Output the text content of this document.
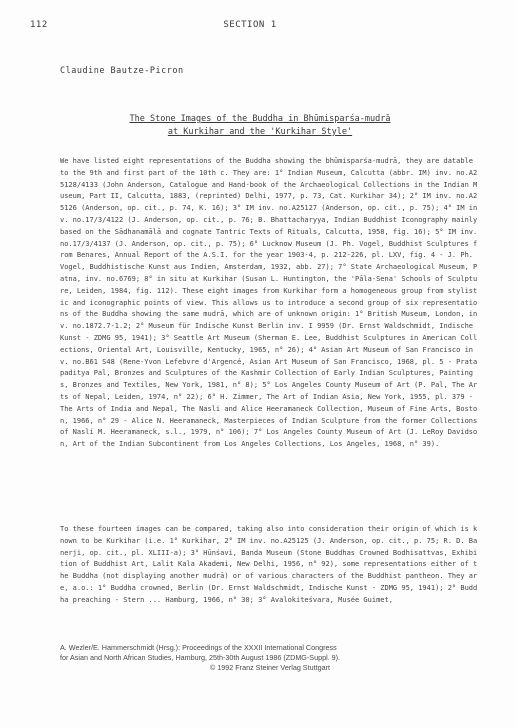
112	SECTION 1
Claudine Bautze-Picron
The Stone Images of the Buddha in Bhūmisparśa-mudrā
at Kurkihar and the 'Kurkihar Style'
We have listed eight representations of the Buddha showing the bhūmisparśa-mudrā, they are datable to the 9th and first part of the 10th c. They are: 1° Indian Museum, Calcutta (abbr. IM) inv. no.A25128/4133 (John Anderson, Catalogue and Hand-book of the Archaeological Collections in the Indian Museum, Part II, Calcutta, 1883, (reprinted) Delhi, 1977, p. 73, Cat. Kurkihar 34); 2° IM inv. no.A25126 (Anderson, op. cit., p. 74, K. 16); 3° IM inv. no.A25127 (Anderson, op. cit., p. 75); 4° IM inv. no.17/3/4122 (J. Anderson, op. cit., p. 76; B. Bhattacharyya, Indian Buddhist Iconography mainly based on the Sādhanamālā and cognate Tantric Texts of Rituals, Calcutta, 1958, fig. 16); 5° IM inv. no.17/3/4137 (J. Anderson, op. cit., p. 75); 6° Lucknow Museum (J. Ph. Vogel, Buddhist Sculptures from Benares, Annual Report of the A.S.I. for the year 1903-4, p. 212-226, pl. LXV, fig. 4 - J. Ph. Vogel, Buddhistische Kunst aus Indien, Amsterdam, 1932, abb. 27); 7° State Archaeological Museum, Patna, inv. no.6769; 8° in situ at Kurkihar (Susan L. Huntington, the 'Pāla-Sena' Schools of Sculpture, Leiden, 1984, fig. 112). These eight images from Kurkihar form a homogeneous group from stylistic and iconographic points of view. This allows us to introduce a second group of six representations of the Buddha showing the same mudrā, which are of unknown origin: 1° British Museum, London, inv. no.1872.7-1.2; 2° Museum für Indische Kunst Berlin inv. I 9959 (Dr. Ernst Waldschmidt, Indische Kunst - ZDMG 95, 1941); 3° Seattle Art Museum (Sherman E. Lee, Buddhist Sculptures in American Collections, Oriental Art, Louisville, Kentucky, 1965, n° 26); 4° Asian Art Museum of San Francisco inv. no.B61 S48 (Rene-Yvon Lefebvre d'Argencé, Asian Art Museum of San Francisco, 1968, pl. 5 - Pratapaditya Pal, Bronzes and Sculptures of the Kashmir Collection of Early Indian Sculptures, Paintings, Bronzes and Textiles, New York, 1981, n° 8); 5° Los Angeles County Museum of Art (P. Pal, The Arts of Nepal, Leiden, 1974, n° 22); 6° H. Zimmer, The Art of Indian Asia, New York, 1955, pl. 379 - The Arts of India and Nepal, The Nasli and Alice Heeramaneck Collection, Museum of Fine Arts, Boston, 1966, n° 29 - Alice N. Heeramaneck, Masterpieces of Indian Sculpture from the former Collections of Nasli M. Heeramaneck, s.l., 1979, n° 106); 7° Los Angeles County Museum of Art (J. LeRoy Davidson, Art of the Indian Subcontinent from Los Angeles Collections, Los Angeles, 1968, n° 39).
To these fourteen images can be compared, taking also into consideration their origin of which is known to be Kurkihar (i.e. 1° Kurkihar, 2° IM inv. no.A25125 (J. Anderson, op. cit., p. 75; R. D. Banerji, op. cit., pl. XLIII-a); 3° Hūnśavi, Banda Museum (Stone Buddhas Crowned Bodhisattvas, Exhibition of Buddhist Art, Lalit Kala Akademi, New Delhi, 1956, n° 92), some representations either of the Buddha (not displaying another mudrā) or of various characters of the Buddhist pantheon. They are, a.o.: 1° Buddha crowned, Berlin (Dr. Ernst Waldschmidt, Indische Kunst - ZDMG 95, 1941); 2° Buddha preaching - Stern ... Hamburg, 1966, n° 30; 3° Avalokiteśvara, Musée Guimet,
A. Wezler/E. Hammerschmidt (Hrsg.): Proceedings of the XXXII International Congress
for Asian and North African Studies, Hamburg, 25th-30th August 1986 (ZDMG-Suppl. 9).
© 1992 Franz Steiner Verlag Stuttgart
